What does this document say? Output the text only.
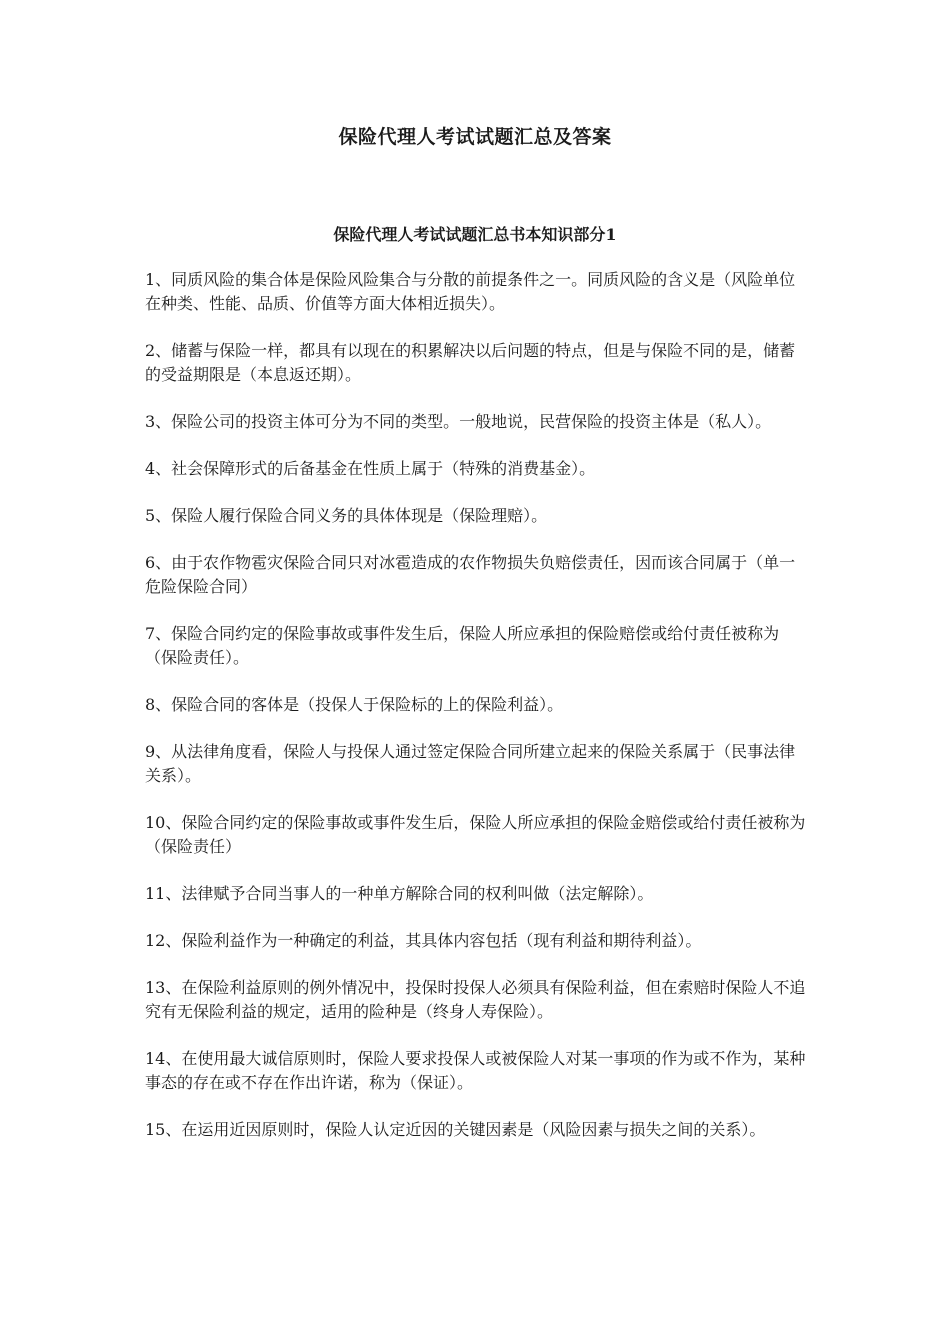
保险代理人考试试题汇总及答案
保险代理人考试试题汇总书本知识部分1
1、同质风险的集合体是保险风险集合与分散的前提条件之一。同质风险的含义是（风险单位在种类、性能、品质、价值等方面大体相近损失）。
2、储蓄与保险一样，都具有以现在的积累解决以后问题的特点，但是与保险不同的是，储蓄的受益期限是（本息返还期）。
3、保险公司的投资主体可分为不同的类型。一般地说，民营保险的投资主体是（私人）。
4、社会保障形式的后备基金在性质上属于（特殊的消费基金）。
5、保险人履行保险合同义务的具体体现是（保险理赔）。
6、由于农作物雹灾保险合同只对冰雹造成的农作物损失负赔偿责任，因而该合同属于（单一危险保险合同）
7、保险合同约定的保险事故或事件发生后，保险人所应承担的保险赔偿或给付责任被称为（保险责任）。
8、保险合同的客体是（投保人于保险标的上的保险利益）。
9、从法律角度看，保险人与投保人通过签定保险合同所建立起来的保险关系属于（民事法律关系）。
10、保险合同约定的保险事故或事件发生后，保险人所应承担的保险金赔偿或给付责任被称为（保险责任）
11、法律赋予合同当事人的一种单方解除合同的权利叫做（法定解除）。
12、保险利益作为一种确定的利益，其具体内容包括（现有利益和期待利益）。
13、在保险利益原则的例外情况中，投保时投保人必须具有保险利益，但在索赔时保险人不追究有无保险利益的规定，适用的险种是（终身人寿保险）。
14、在使用最大诚信原则时，保险人要求投保人或被保险人对某一事项的作为或不作为，某种事态的存在或不存在作出许诺，称为（保证）。
15、在运用近因原则时，保险人认定近因的关键因素是（风险因素与损失之间的关系）。
